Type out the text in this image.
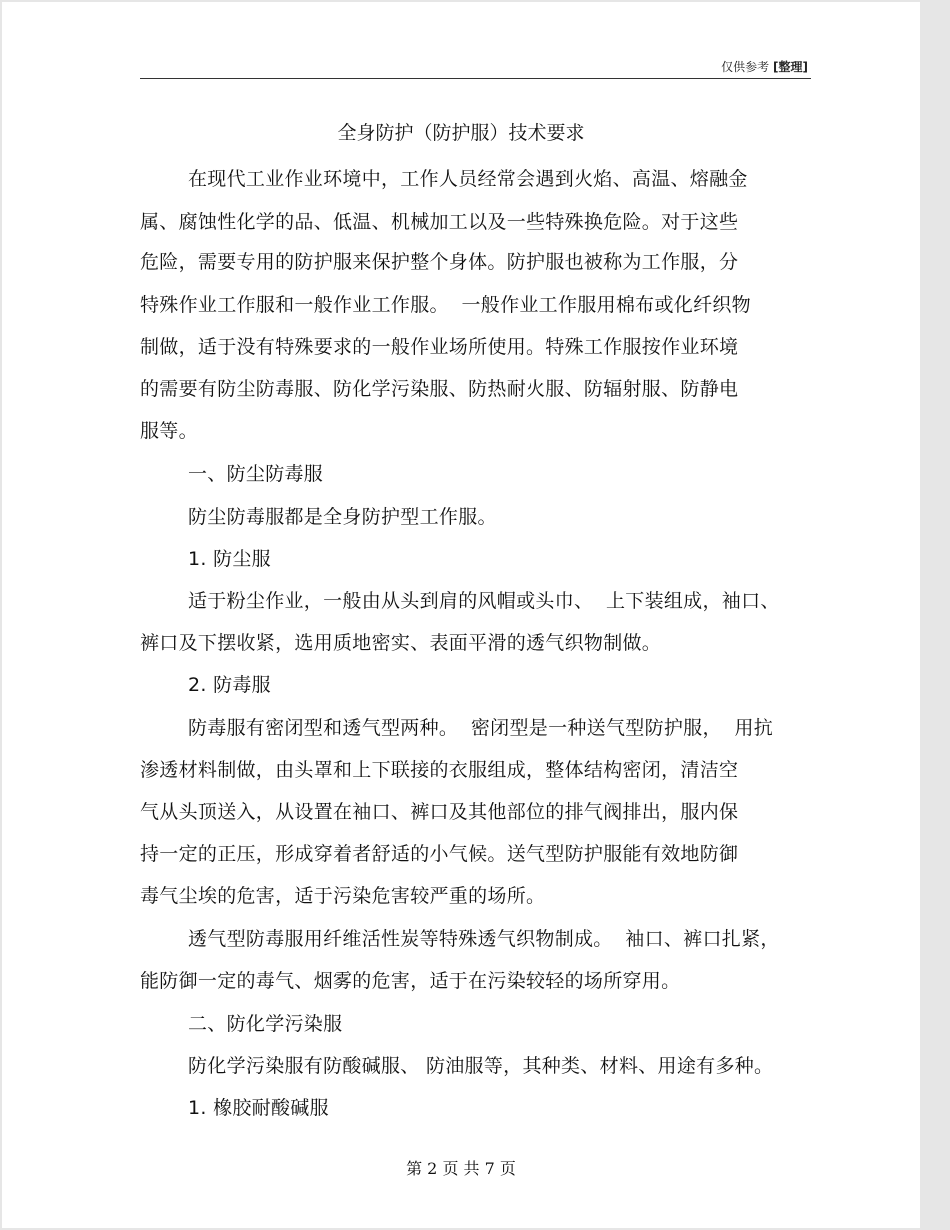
仅供参考 [整理]
全身防护（防护服）技术要求
在现代工业作业环境中，工作人员经常会遇到火焰、高温、熔融金
属、腐蚀性化学的品、低温、机械加工以及一些特殊换危险。对于这些
危险，需要专用的防护服来保护整个身体。防护服也被称为工作服，分
特殊作业工作服和一般作业工作服。  一般作业工作服用棉布或化纤织物
制做，适于没有特殊要求的一般作业场所使用。特殊工作服按作业环境
的需要有防尘防毒服、防化学污染服、防热耐火服、防辐射服、防静电
服等。
一、防尘防毒服
防尘防毒服都是全身防护型工作服。
1. 防尘服
适于粉尘作业，一般由从头到肩的风帽或头巾、  上下装组成，袖口、
裤口及下摆收紧，选用质地密实、表面平滑的透气织物制做。
2. 防毒服
防毒服有密闭型和透气型两种。  密闭型是一种送气型防护服，  用抗
渗透材料制做，由头罩和上下联接的衣服组成，整体结构密闭，清洁空
气从头顶送入，从设置在袖口、裤口及其他部位的排气阀排出，服内保
持一定的正压，形成穿着者舒适的小气候。送气型防护服能有效地防御
毒气尘埃的危害，适于污染危害较严重的场所。
透气型防毒服用纤维活性炭等特殊透气织物制成。  袖口、裤口扎紧，
能防御一定的毒气、烟雾的危害，适于在污染较轻的场所穿用。
二、防化学污染服
防化学污染服有防酸碱服、 防油服等，其种类、材料、用途有多种。
1. 橡胶耐酸碱服
第 2 页 共 7 页
